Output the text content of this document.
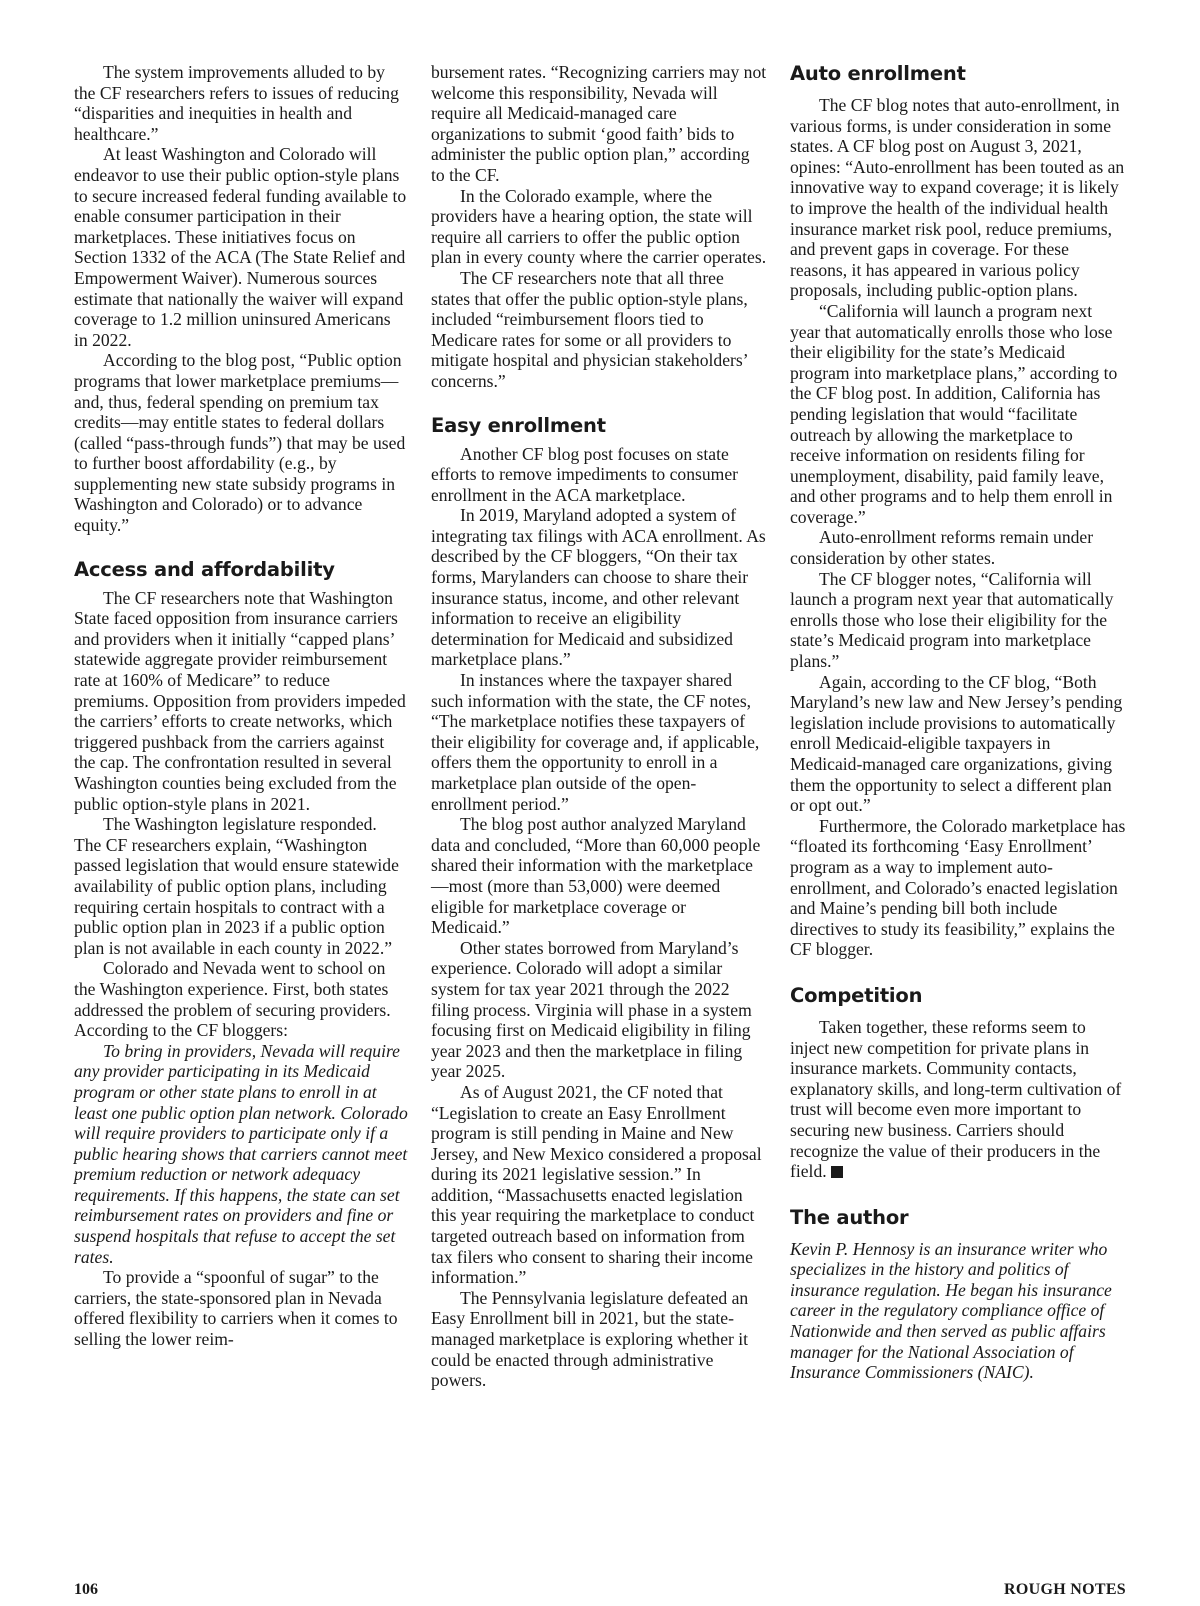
The system improvements alluded to by the CF researchers refers to issues of reducing “disparities and inequities in health and healthcare.”

At least Washington and Colorado will endeavor to use their public option-style plans to secure increased federal funding available to enable consumer participation in their marketplaces. These initiatives focus on Section 1332 of the ACA (The State Relief and Empowerment Waiver). Numerous sources estimate that nationally the waiver will expand coverage to 1.2 million uninsured Americans in 2022.

According to the blog post, “Public option programs that lower marketplace premiums—and, thus, federal spending on premium tax credits—may entitle states to federal dollars (called “pass-through funds”) that may be used to further boost affordability (e.g., by supplementing new state subsidy programs in Washington and Colorado) or to advance equity.”

Access and affordability

The CF researchers note that Washington State faced opposition from insurance carriers and providers when it initially “capped plans’ statewide aggregate provider reimbursement rate at 160% of Medicare” to reduce premiums. Opposition from providers impeded the carriers’ efforts to create networks, which triggered pushback from the carriers against the cap. The confrontation resulted in several Washington counties being excluded from the public option-style plans in 2021.

The Washington legislature responded. The CF researchers explain, “Washington passed legislation that would ensure statewide availability of public option plans, including requiring certain hospitals to contract with a public option plan in 2023 if a public option plan is not available in each county in 2022.”

Colorado and Nevada went to school on the Washington experience. First, both states addressed the problem of securing providers. According to the CF bloggers:

To bring in providers, Nevada will require any provider participating in its Medicaid program or other state plans to enroll in at least one public option plan network. Colorado will require providers to participate only if a public hearing shows that carriers cannot meet premium reduction or network adequacy requirements. If this happens, the state can set reimbursement rates on providers and fine or suspend hospitals that refuse to accept the set rates.

To provide a “spoonful of sugar” to the carriers, the state-sponsored plan in Nevada offered flexibility to carriers when it comes to selling the lower reim-

bursement rates. “Recognizing carriers may not welcome this responsibility, Nevada will require all Medicaid-managed care organizations to submit ‘good faith’ bids to administer the public option plan,” according to the CF.

In the Colorado example, where the providers have a hearing option, the state will require all carriers to offer the public option plan in every county where the carrier operates.

The CF researchers note that all three states that offer the public option-style plans, included “reimbursement floors tied to Medicare rates for some or all providers to mitigate hospital and physician stakeholders’ concerns.”

Easy enrollment

Another CF blog post focuses on state efforts to remove impediments to consumer enrollment in the ACA marketplace.

In 2019, Maryland adopted a system of integrating tax filings with ACA enrollment. As described by the CF bloggers, “On their tax forms, Marylanders can choose to share their insurance status, income, and other relevant information to receive an eligibility determination for Medicaid and subsidized marketplace plans.”

In instances where the taxpayer shared such information with the state, the CF notes, “The marketplace notifies these taxpayers of their eligibility for coverage and, if applicable, offers them the opportunity to enroll in a marketplace plan outside of the open-enrollment period.”

The blog post author analyzed Maryland data and concluded, “More than 60,000 people shared their information with the marketplace—most (more than 53,000) were deemed eligible for marketplace coverage or Medicaid.”

Other states borrowed from Maryland’s experience. Colorado will adopt a similar system for tax year 2021 through the 2022 filing process. Virginia will phase in a system focusing first on Medicaid eligibility in filing year 2023 and then the marketplace in filing year 2025.

As of August 2021, the CF noted that “Legislation to create an Easy Enrollment program is still pending in Maine and New Jersey, and New Mexico considered a proposal during its 2021 legislative session.” In addition, “Massachusetts enacted legislation this year requiring the marketplace to conduct targeted outreach based on information from tax filers who consent to sharing their income information.”

The Pennsylvania legislature defeated an Easy Enrollment bill in 2021, but the state-managed marketplace is exploring whether it could be enacted through administrative powers.

Auto enrollment

The CF blog notes that auto-enrollment, in various forms, is under consideration in some states. A CF blog post on August 3, 2021, opines: “Auto-enrollment has been touted as an innovative way to expand coverage; it is likely to improve the health of the individual health insurance market risk pool, reduce premiums, and prevent gaps in coverage. For these reasons, it has appeared in various policy proposals, including public-option plans.

“California will launch a program next year that automatically enrolls those who lose their eligibility for the state’s Medicaid program into marketplace plans,” according to the CF blog post. In addition, California has pending legislation that would “facilitate outreach by allowing the marketplace to receive information on residents filing for unemployment, disability, paid family leave, and other programs and to help them enroll in coverage.”

Auto-enrollment reforms remain under consideration by other states.

The CF blogger notes, “California will launch a program next year that automatically enrolls those who lose their eligibility for the state’s Medicaid program into marketplace plans.”

Again, according to the CF blog, “Both Maryland’s new law and New Jersey’s pending legislation include provisions to automatically enroll Medicaid-eligible taxpayers in Medicaid-managed care organizations, giving them the opportunity to select a different plan or opt out.”

Furthermore, the Colorado marketplace has “floated its forthcoming ‘Easy Enrollment’ program as a way to implement auto-enrollment, and Colorado’s enacted legislation and Maine’s pending bill both include directives to study its feasibility,” explains the CF blogger.

Competition

Taken together, these reforms seem to inject new competition for private plans in insurance markets. Community contacts, explanatory skills, and long-term cultivation of trust will become even more important to securing new business. Carriers should recognize the value of their producers in the field.

The author

Kevin P. Hennosy is an insurance writer who specializes in the history and politics of insurance regulation. He began his insurance career in the regulatory compliance office of Nationwide and then served as public affairs manager for the National Association of Insurance Commissioners (NAIC).

106	ROUGH NOTES
